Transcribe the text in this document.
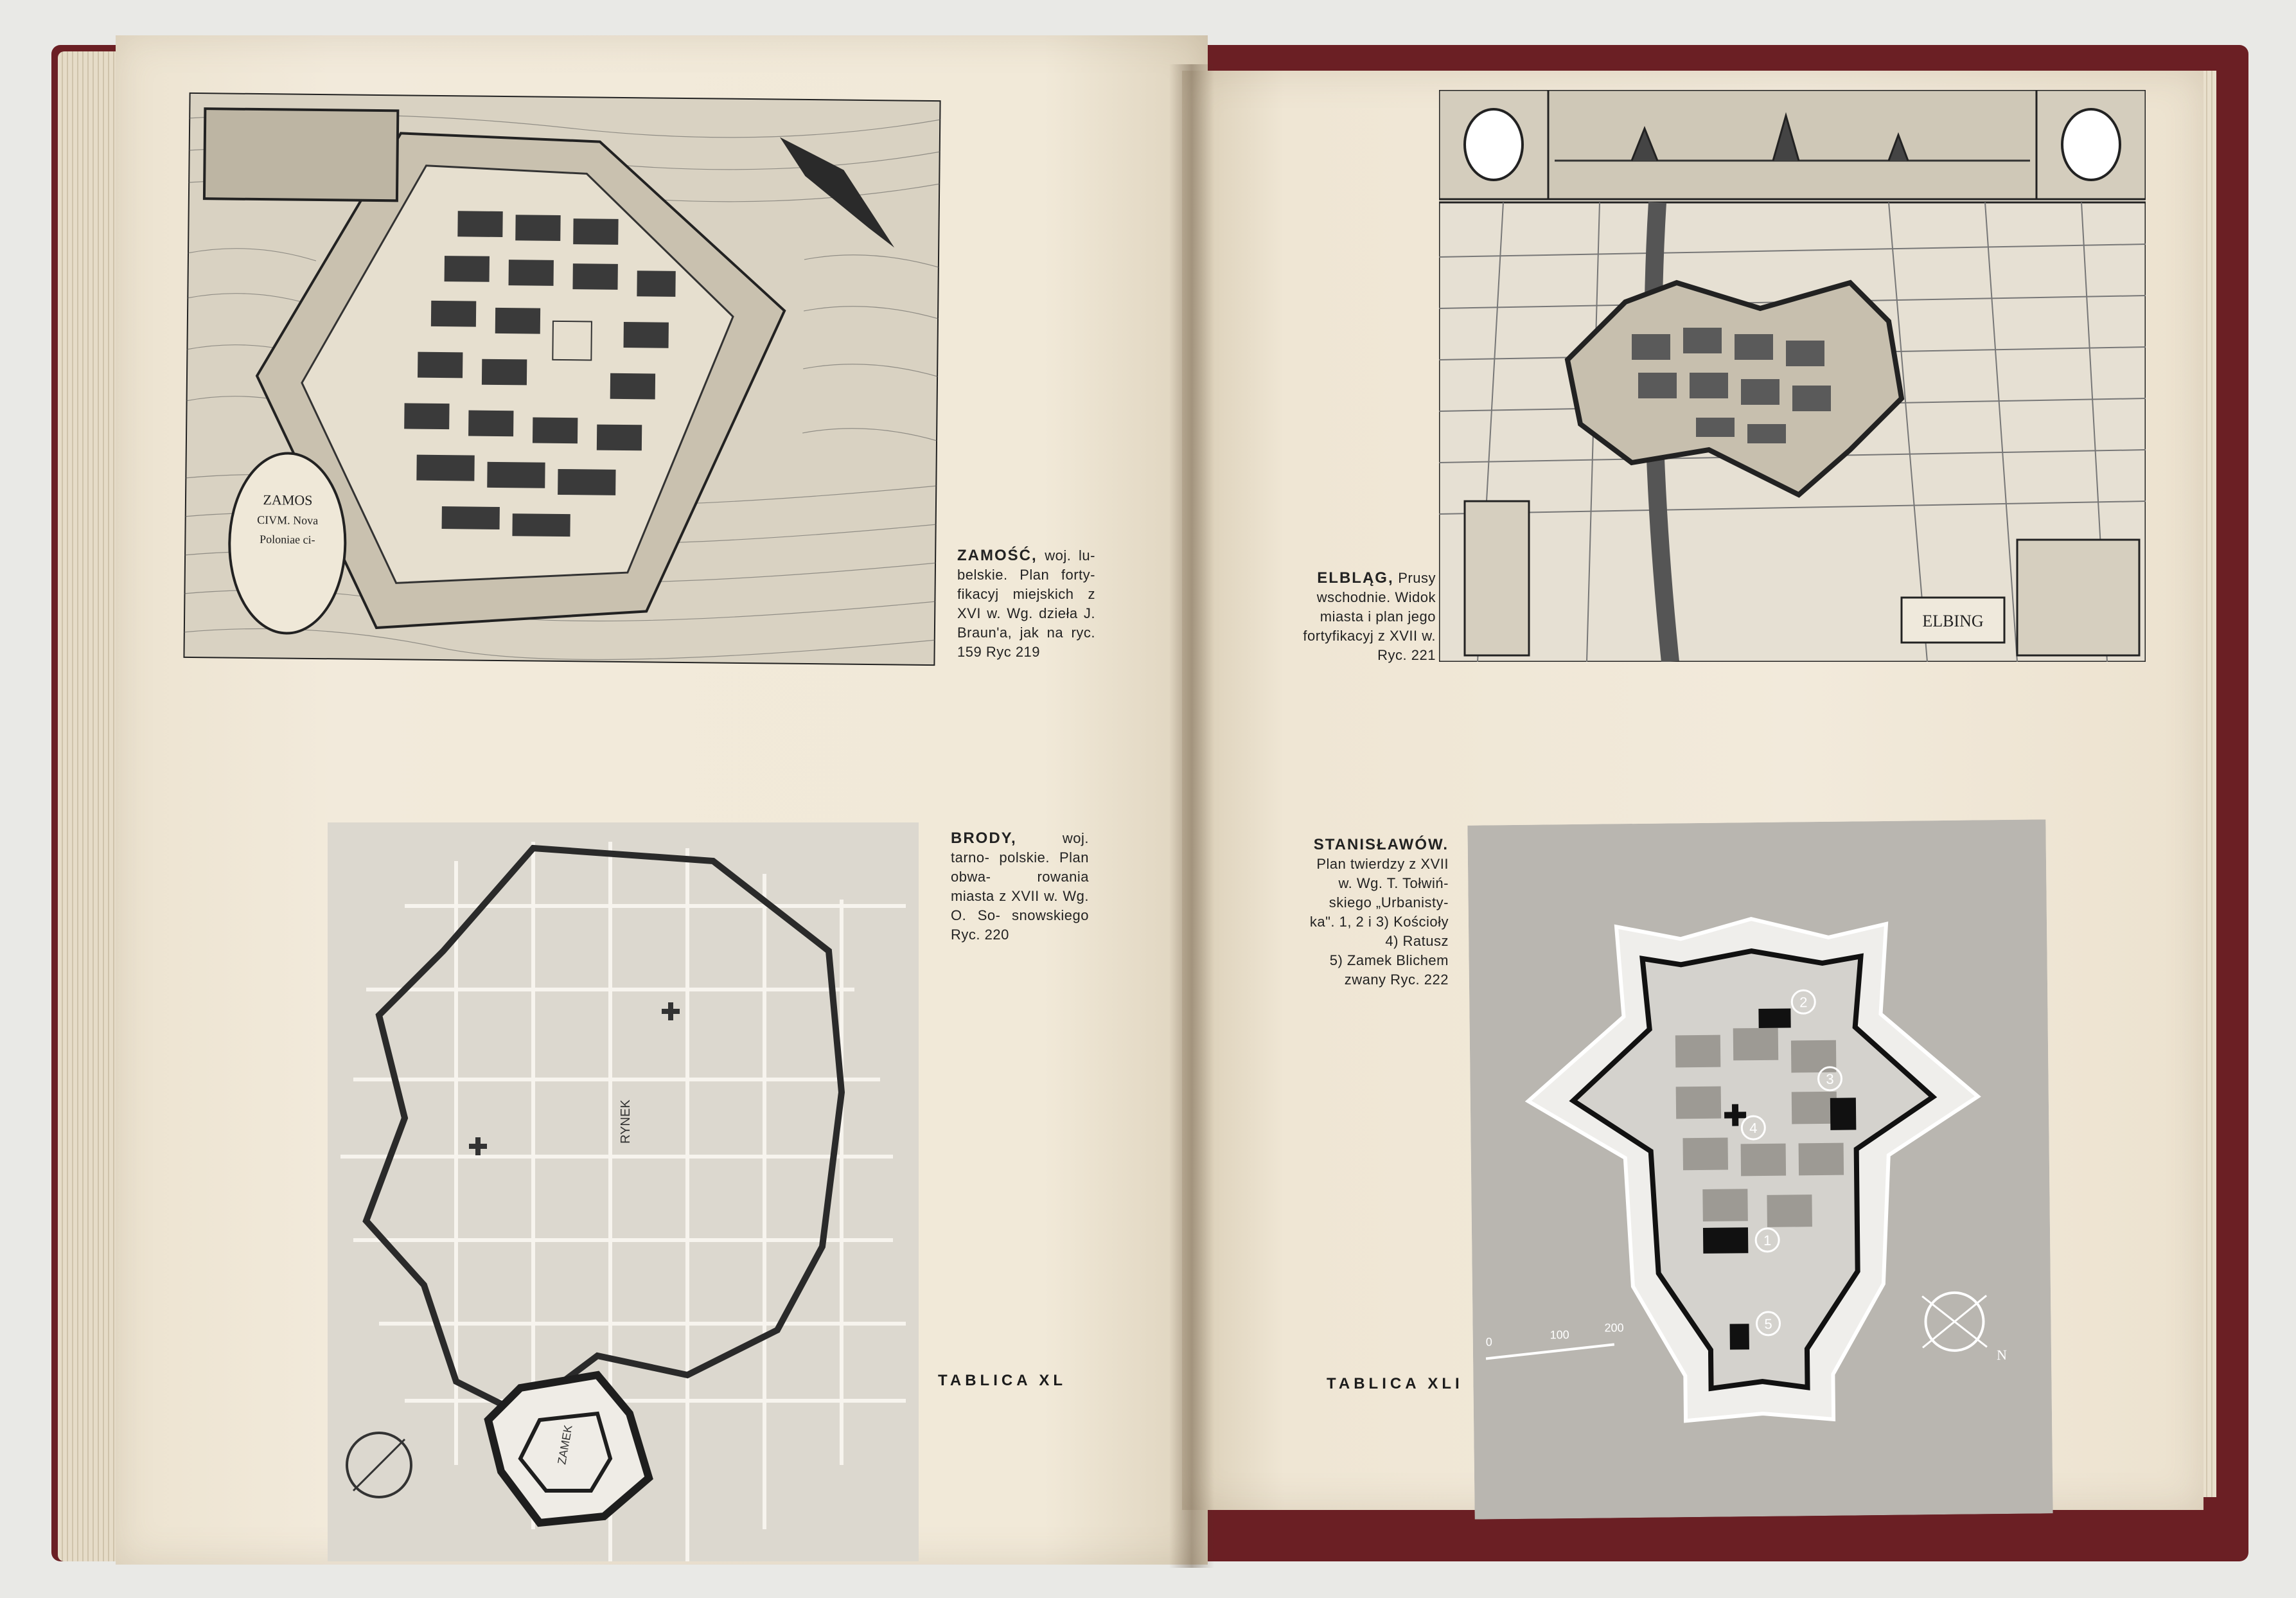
ZAMOS
CIVM. Nova
Poloniae ci-
ZAMOŚĆ, woj. lu- belskie. Plan forty- fikacyj miejskich z XVI w. Wg. dzieła J. Braun'a, jak na ryc. 159 Ryc 219
RYNEK
ZAMEK
BRODY,	woj. tarno- polskie. Plan obwa-	rowania miasta z XVII w. Wg. O. So- snowskiego Ryc. 220
TABLICA XL
ELBING
ELBLĄG, Prusy
wschodnie. Widok
miasta i plan jego
fortyfikacyj z XVII w.
Ryc. 221
1
2
3
4
5
0
100
200
N
STANISŁAWÓW.
Plan twierdzy z XVII
w. Wg. T. Tołwiń-
skiego „Urbanisty-
ka". 1, 2 i 3) Kościoły
4) Ratusz
5) Zamek Blichem
zwany Ryc. 222
TABLICA XLI
